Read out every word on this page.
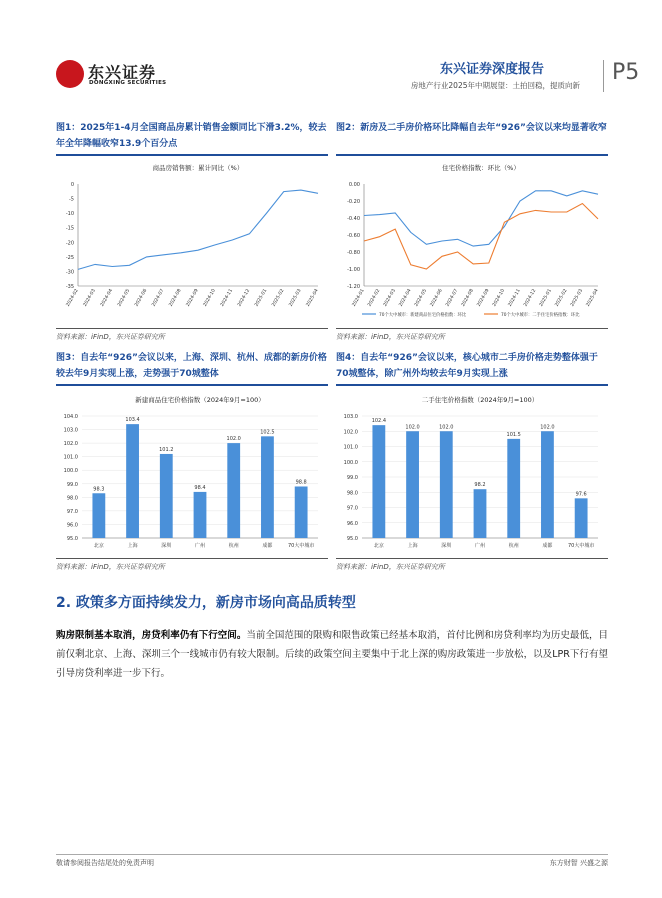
东兴证券
DONGXING SECURITIES
东兴证券深度报告
房地产行业2025年中期展望：土拍回稳，提质向新
P5
图1：2025年1-4月全国商品房累计销售金额同比下滑3.2%，较去年全年降幅收窄13.9个百分点
商品房销售额：累计同比（%）
0
-5
-10
-15
-20
-25
-30
-35
2024-02 2024-03 2024-04 2024-05 2024-06 2024-07 2024-08 2024-09 2024-10 2024-11 2024-12 2025-01 2025-02 2025-03 2025-04
资料来源：iFinD，东兴证券研究所
图2：新房及二手房价格环比降幅自去年“926”会议以来均显著收窄
住宅价格指数：环比（%）
0.00
-0.20
-0.40
-0.60
-0.80
-1.00
-1.20
2024-01 2024-02 2024-03 2024-04 2024-05 2024-06 2024-07 2024-08 2024-09 2024-10 2024-11 2024-12 2025-01 2025-02 2025-03 2025-04
70个大中城市：新建商品住宅价格指数：环比	70个大中城市：二手住宅价格指数：环比
资料来源：iFinD，东兴证券研究所
图3：自去年“926”会议以来，上海、深圳、杭州、成都的新房价格较去年9月实现上涨，走势强于70城整体
新建商品住宅价格指数（2024年9月=100）
104.0
103.0
102.0
101.0
100.0
99.0
98.0
97.0
96.0
95.0
98.3
北京
103.4
上海
101.2
深圳
98.4
广州
102.0
杭州
102.5
成都
98.8
70大中城市
资料来源：iFinD，东兴证券研究所
图4：自去年“926”会议以来，核心城市二手房价格走势整体强于70城整体，除广州外均较去年9月实现上涨
二手住宅价格指数（2024年9月=100）
103.0
102.0
101.0
100.0
99.0
98.0
97.0
96.0
95.0
102.4
北京
102.0
上海
102.0
深圳
98.2
广州
101.5
杭州
102.0
成都
97.6
70大中城市
资料来源：iFinD，东兴证券研究所
2. 政策多方面持续发力，新房市场向高品质转型
购房限制基本取消，房贷利率仍有下行空间。当前全国范围的限购和限售政策已经基本取消，首付比例和房贷利率均为历史最低，目前仅剩北京、上海、深圳三个一线城市仍有较大限制。后续的政策空间主要集中于北上深的购房政策进一步放松，以及LPR下行有望引导房贷利率进一步下行。
敬请参阅报告结尾处的免责声明	东方财智 兴盛之源
